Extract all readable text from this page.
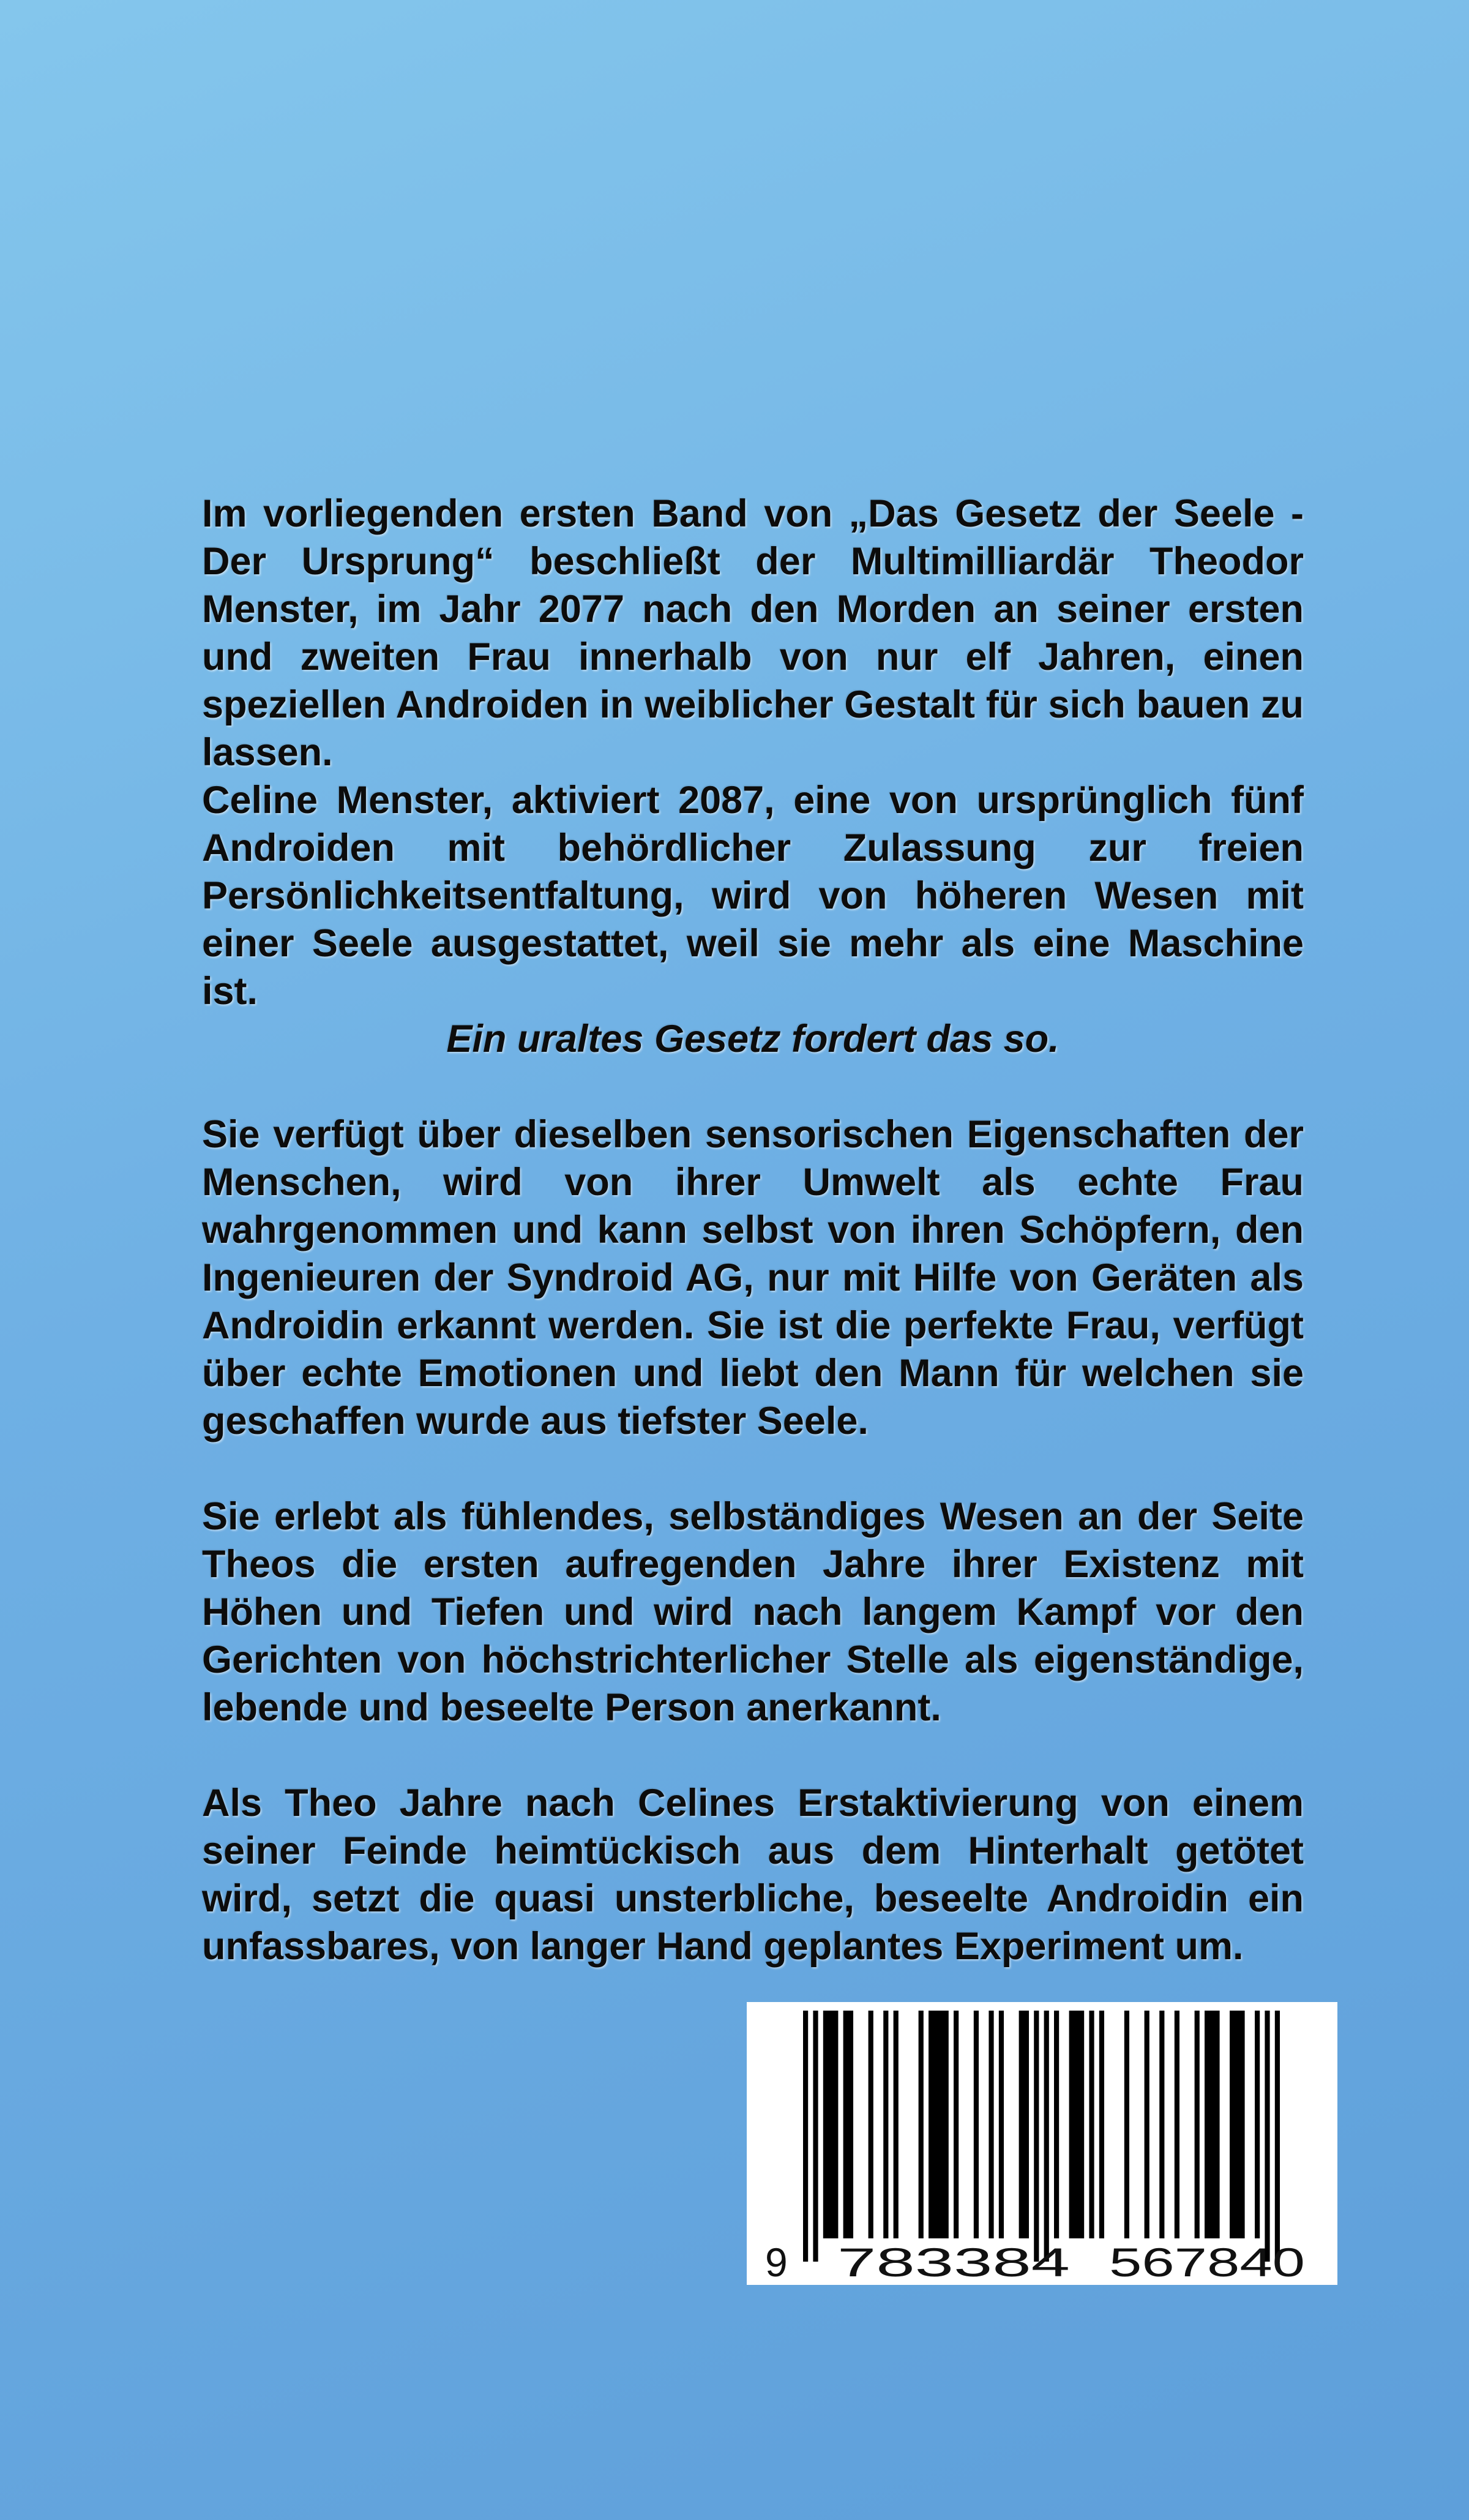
Im vorliegenden ersten Band von „Das Gesetz der Seele - Der Ursprung“ beschließt der Multimilliardär Theodor Menster, im Jahr 2077 nach den Morden an seiner ersten und zweiten Frau innerhalb von nur elf Jahren, einen speziellen Androiden in weiblicher Gestalt für sich bauen zu lassen.

Celine Menster, aktiviert 2087, eine von ursprünglich fünf Androiden mit behördlicher Zulassung zur freien Persönlichkeitsentfaltung, wird von höheren Wesen mit einer Seele ausgestattet, weil sie mehr als eine Maschine ist.

Ein uraltes Gesetz fordert das so.

Sie verfügt über dieselben sensorischen Eigenschaften der Menschen, wird von ihrer Umwelt als echte Frau wahrgenommen und kann selbst von ihren Schöpfern, den Ingenieuren der Syndroid AG, nur mit Hilfe von Geräten als Androidin erkannt werden. Sie ist die perfekte Frau, verfügt über echte Emotionen und liebt den Mann für welchen sie geschaffen wurde aus tiefster Seele.

Sie erlebt als fühlendes, selbständiges Wesen an der Seite Theos die ersten aufregenden Jahre ihrer Existenz mit Höhen und Tiefen und wird nach langem Kampf vor den Gerichten von höchstrichterlicher Stelle als eigenständige, lebende und beseelte Person anerkannt.

Als Theo Jahre nach Celines Erstaktivierung von einem seiner Feinde heimtückisch aus dem Hinterhalt getötet wird, setzt die quasi unsterbliche, beseelte Androidin ein unfassbares, von langer Hand geplantes Experiment um.

9 783384 567840
